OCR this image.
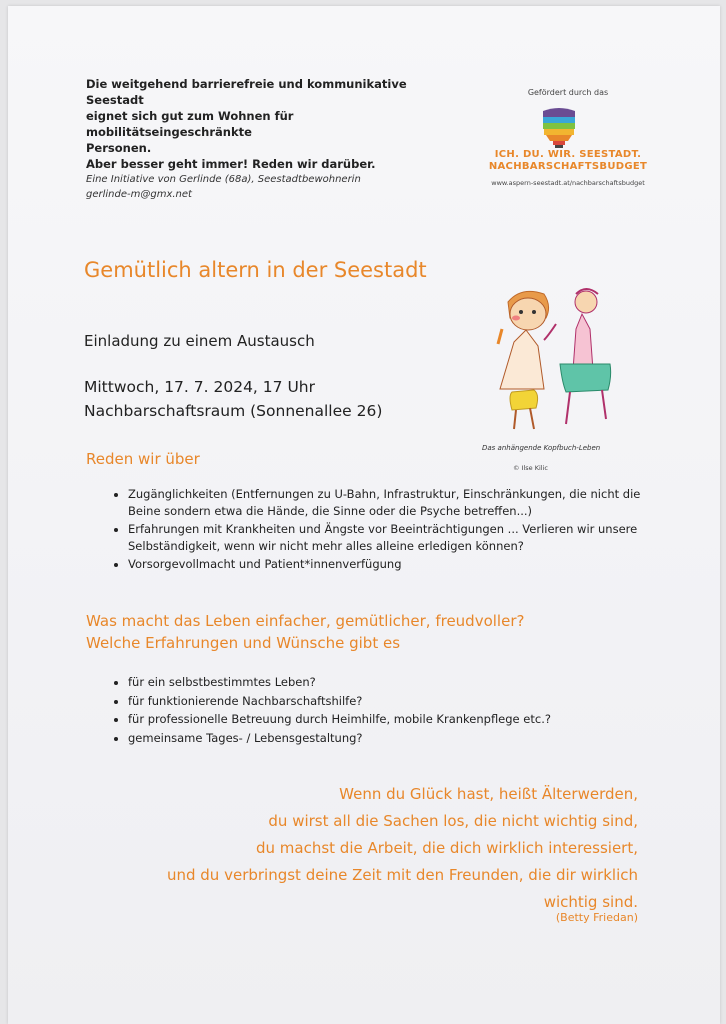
Die weitgehend barrierefreie und kommunikative Seestadt

eignet sich gut zum Wohnen für mobilitätseingeschränkte

Personen.

Aber besser geht immer! Reden wir darüber.

Eine Initiative von Gerlinde (68a), Seestadtbewohnerin
gerlinde-m@gmx.net
Gefördert durch das
ICH. DU. WIR. SEESTADT.
NACHBARSCHAFTSBUDGET
www.aspern-seestadt.at/nachbarschaftsbudget
Gemütlich altern in der Seestadt
Einladung zu einem Austausch
Mittwoch, 17. 7. 2024, 17 Uhr
Nachbarschaftsraum (Sonnenallee 26)
Das anhängende Kopfbuch-Leben
© Ilse Kilic
Reden wir über
• Zugänglichkeiten (Entfernungen zu U-Bahn, Infrastruktur, Einschränkungen, die nicht die Beine sondern etwa die Hände, die Sinne oder die Psyche betreffen...)
• Erfahrungen mit Krankheiten und Ängste vor Beeinträchtigungen ... Verlieren wir unsere Selbständigkeit, wenn wir nicht mehr alles alleine erledigen können?
• Vorsorgevollmacht und Patient*innenverfügung
Was macht das Leben einfacher, gemütlicher, freudvoller?
Welche Erfahrungen und Wünsche gibt es
• für ein selbstbestimmtes Leben?
• für funktionierende Nachbarschaftshilfe?
• für professionelle Betreuung durch Heimhilfe, mobile Krankenpflege etc.?
• gemeinsame Tages- / Lebensgestaltung?
Wenn du Glück hast, heißt Älterwerden,
du wirst all die Sachen los, die nicht wichtig sind,
du machst die Arbeit, die dich wirklich interessiert,
und du verbringst deine Zeit mit den Freunden, die dir wirklich
wichtig sind.
(Betty Friedan)
